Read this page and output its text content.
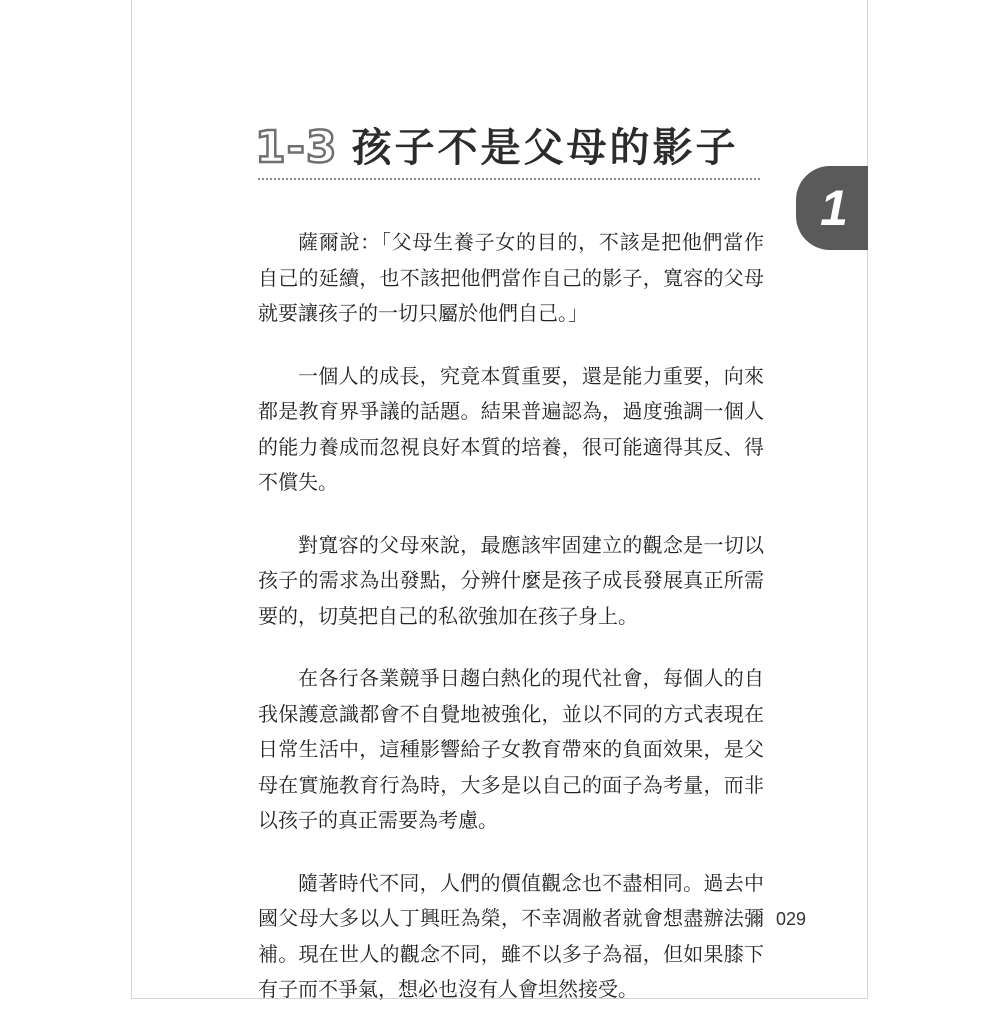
1-3 孩子不是父母的影子
1

薩爾說：「父母生養子女的目的，不該是把他們當作自己的延續，也不該把他們當作自己的影子，寬容的父母就要讓孩子的一切只屬於他們自己。」

一個人的成長，究竟本質重要，還是能力重要，向來都是教育界爭議的話題。結果普遍認為，過度強調一個人的能力養成而忽視良好本質的培養，很可能適得其反、得不償失。

對寬容的父母來說，最應該牢固建立的觀念是一切以孩子的需求為出發點，分辨什麼是孩子成長發展真正所需要的，切莫把自己的私欲強加在孩子身上。

在各行各業競爭日趨白熱化的現代社會，每個人的自我保護意識都會不自覺地被強化，並以不同的方式表現在日常生活中，這種影響給子女教育帶來的負面效果，是父母在實施教育行為時，大多是以自己的面子為考量，而非以孩子的真正需要為考慮。

隨著時代不同，人們的價值觀念也不盡相同。過去中國父母大多以人丁興旺為榮，不幸凋敝者就會想盡辦法彌補。現在世人的觀念不同，雖不以多子為福，但如果膝下有子而不爭氣，想必也沒有人會坦然接受。

029
